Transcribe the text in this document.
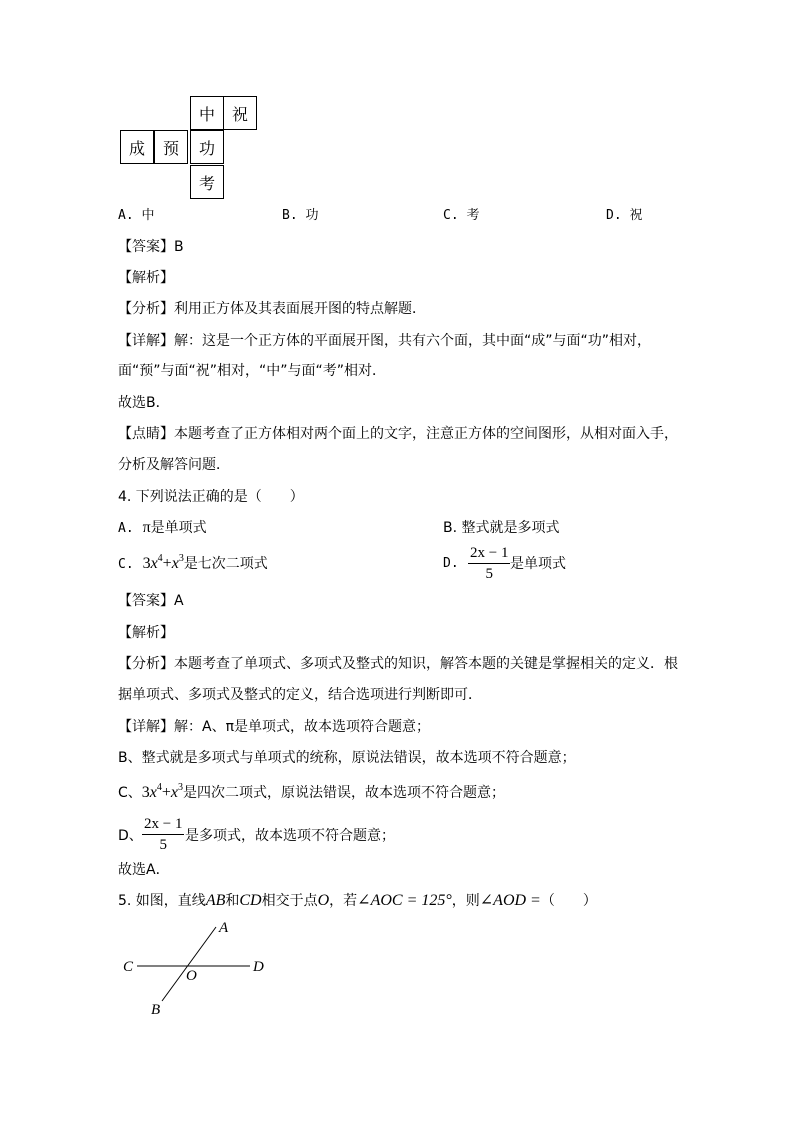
中	祝
成	预	功
考
A. 中	B. 功	C. 考	D. 祝
【答案】B
【解析】
【分析】利用正方体及其表面展开图的特点解题．
【详解】解：这是一个正方体的平面展开图，共有六个面，其中面“成”与面“功”相对，
面“预”与面“祝”相对，“中”与面“考”相对．
故选B．
【点睛】本题考查了正方体相对两个面上的文字，注意正方体的空间图形，从相对面入手，
分析及解答问题．
4. 下列说法正确的是（　　）
A. π是单项式	B. 整式就是多项式
C. $3x^4+x^3$是七次二项式	D. $\frac{2x - 1}{5}$ 是单项式
【答案】A
【解析】
【分析】本题考查了单项式、多项式及整式的知识，解答本题的关键是掌握相关的定义．根
据单项式、多项式及整式的定义，结合选项进行判断即可．
【详解】解：A、π是单项式，故本选项符合题意；
B、整式就是多项式与单项式的统称，原说法错误，故本选项不符合题意；
C、$3x^4+x^3$是四次二项式，原说法错误，故本选项不符合题意；
D、 $\frac{2x - 1}{5}$ 是多项式，故本选项不符合题意；
故选A．
5. 如图，直线AB和CD相交于点O，若∠AOC = 125°，则∠AOD =（　　）
A
B
C	D
O
